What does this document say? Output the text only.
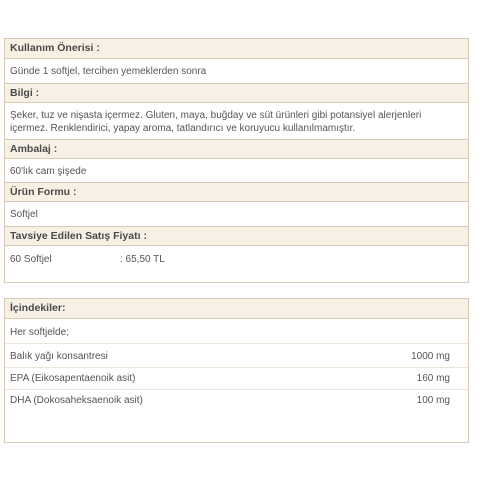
Kullanım Önerisi :
Günde 1 softjel, tercihen yemeklerden sonra
Bilgi :
Şeker, tuz ve nişasta içermez. Gluten, maya, buğday ve süt ürünleri gibi potansiyel alerjenleri
içermez. Renklendirici, yapay aroma, tatlandırıcı ve koruyucu kullanılmamıştır.
Ambalaj :
60'lık cam şişede
Ürün Formu :
Softjel
Tavsiye Edilen Satış Fiyatı :
60 Softjel	: 65,50 TL
İçindekiler:
Her softjelde;
Balık yağı konsantresi	1000 mg
EPA (Eikosapentaenoik asit)	160 mg
DHA (Dokosaheksaenoik asit)	100 mg
